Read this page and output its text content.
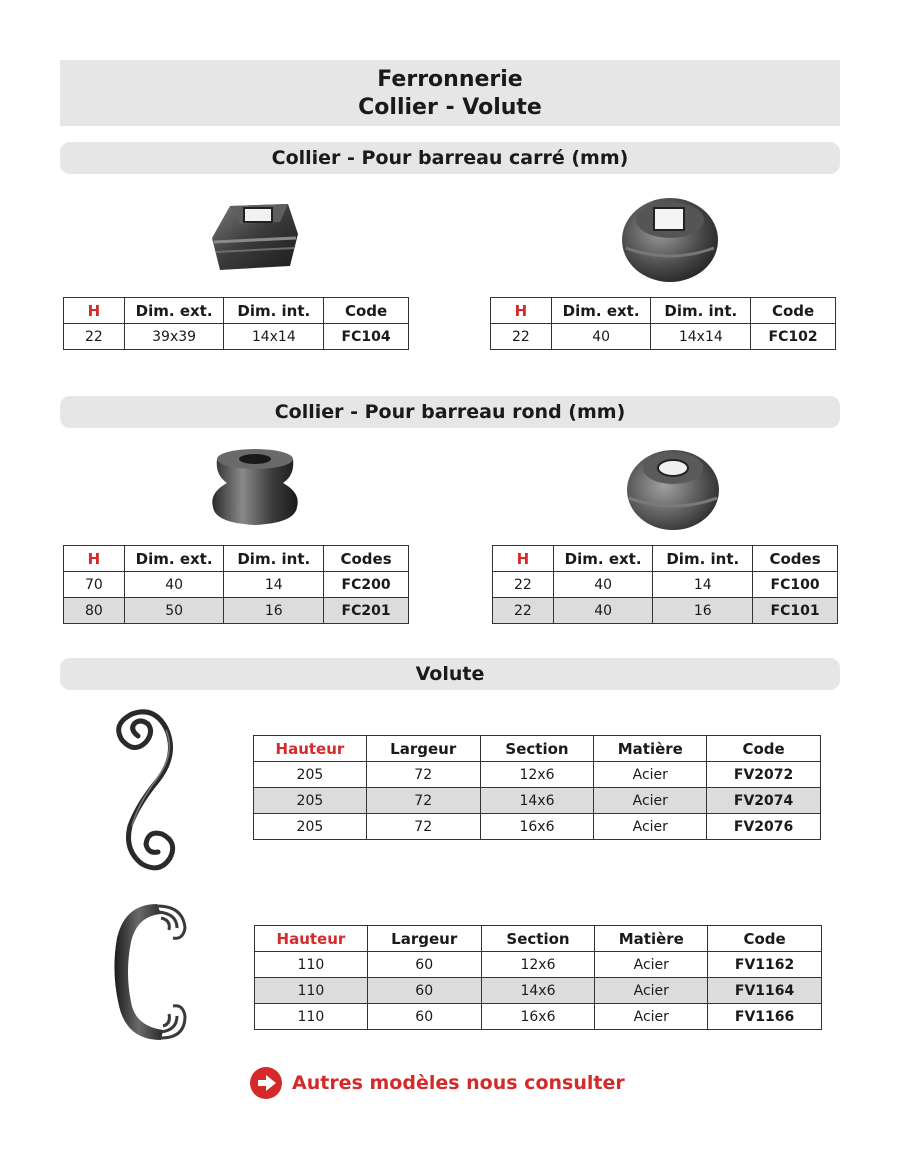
Ferronnerie
Collier - Volute
Collier - Pour barreau carré (mm)
H	Dim. ext.	Dim. int.	Code
22	39x39	14x14	FC104
H	Dim. ext.	Dim. int.	Code
22	40	14x14	FC102
Collier - Pour barreau rond (mm)
H	Dim. ext.	Dim. int.	Codes
70	40	14	FC200
80	50	16	FC201
H	Dim. ext.	Dim. int.	Codes
22	40	14	FC100
22	40	16	FC101
Volute
Hauteur	Largeur	Section	Matière	Code
205	72	12x6	Acier	FV2072
205	72	14x6	Acier	FV2074
205	72	16x6	Acier	FV2076
Hauteur	Largeur	Section	Matière	Code
110	60	12x6	Acier	FV1162
110	60	14x6	Acier	FV1164
110	60	16x6	Acier	FV1166
Autres modèles nous consulter
